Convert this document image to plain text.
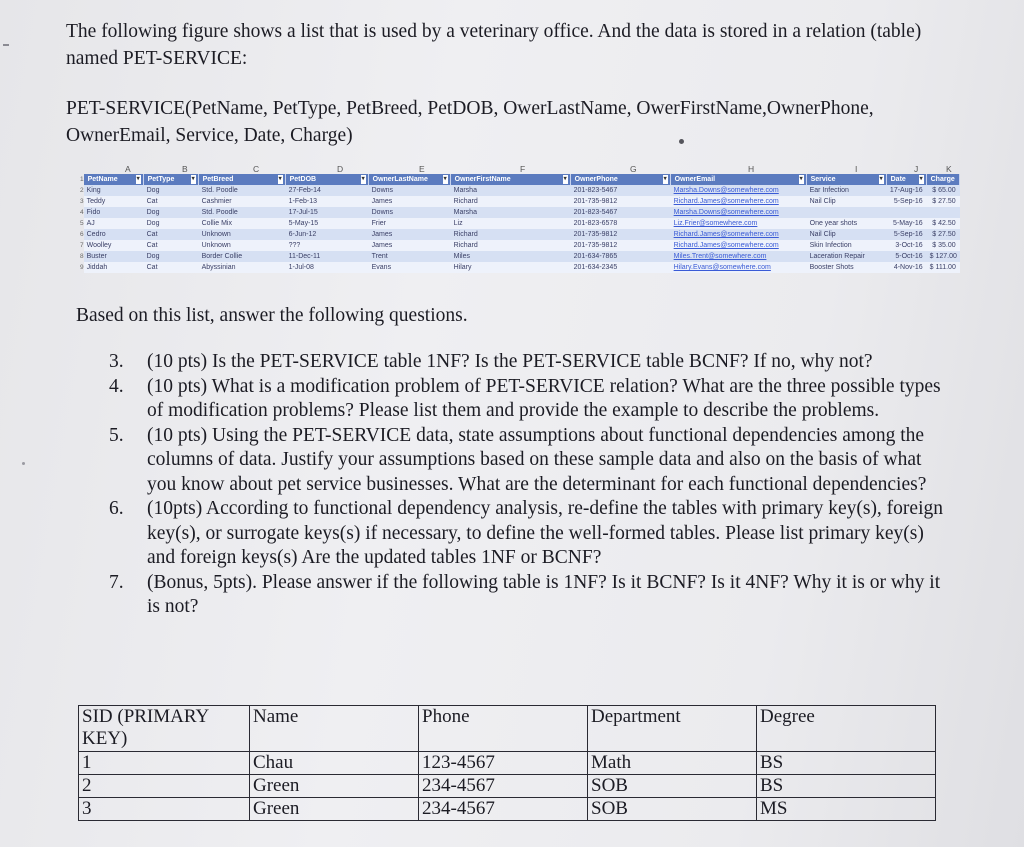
The following figure shows a list that is used by a veterinary office. And the data is stored in a relation (table) named PET-SERVICE:

PET-SERVICE(PetName, PetType, PetBreed, PetDOB, OwerLastName, OwerFirstName,OwnerPhone, OwnerEmail, Service, Date, Charge)

A	B	C	D	E	F	G	H	I	J	K
1
2
3
4
5
6
7
8
9
PetName ▾	PetType ▾	PetBreed ▾	PetDOB ▾	OwnerLastName ▾	OwnerFirstName ▾	OwnerPhone ▾	OwnerEmail ▾	Service ▾	Date ▾	Charge ▾
King	Dog	Std. Poodle	27-Feb-14	Downs	Marsha	201-823-5467	Marsha.Downs@somewhere.com	Ear Infection	17-Aug-16	$ 65.00
Teddy	Cat	Cashmier	1-Feb-13	James	Richard	201-735-9812	Richard.James@somewhere.com	Nail Clip	5-Sep-16	$ 27.50
Fido	Dog	Std. Poodle	17-Jul-15	Downs	Marsha	201-823-5467	Marsha.Downs@somewhere.com
AJ	Dog	Collie Mix	5-May-15	Frier	Liz	201-823-6578	Liz.Frier@somewhere.com	One year shots	5-May-16	$ 42.50
Cedro	Cat	Unknown	6-Jun-12	James	Richard	201-735-9812	Richard.James@somewhere.com	Nail Clip	5-Sep-16	$ 27.50
Woolley	Cat	Unknown	???	James	Richard	201-735-9812	Richard.James@somewhere.com	Skin Infection	3-Oct-16	$ 35.00
Buster	Dog	Border Collie	11-Dec-11	Trent	Miles	201-634-7865	Miles.Trent@somewhere.com	Laceration Repair	5-Oct-16	$ 127.00
Jiddah	Cat	Abyssinian	1-Jul-08	Evans	Hilary	201-634-2345	Hilary.Evans@somewhere.com	Booster Shots	4-Nov-16	$ 111.00

Based on this list, answer the following questions.

3.	(10 pts) Is the PET-SERVICE table 1NF? Is the PET-SERVICE table BCNF? If no, why not?
4.	(10 pts) What is a modification problem of PET-SERVICE relation? What are the three possible types of modification problems? Please list them and provide the example to describe the problems.
5.	(10 pts) Using the PET-SERVICE data, state assumptions about functional dependencies among the columns of data. Justify your assumptions based on these sample data and also on the basis of what you know about pet service businesses. What are the determinant for each functional dependencies?
6.	(10pts) According to functional dependency analysis, re-define the tables with primary key(s), foreign key(s), or surrogate keys(s) if necessary, to define the well-formed tables. Please list primary key(s) and foreign keys(s) Are the updated tables 1NF or BCNF?
7.	(Bonus, 5pts). Please answer if the following table is 1NF? Is it BCNF? Is it 4NF? Why it is or why it is not?
SID (PRIMARY KEY)	Name	Phone	Department	Degree
1	Chau	123-4567	Math	BS
2	Green	234-4567	SOB	BS
3	Green	234-4567	SOB	MS
